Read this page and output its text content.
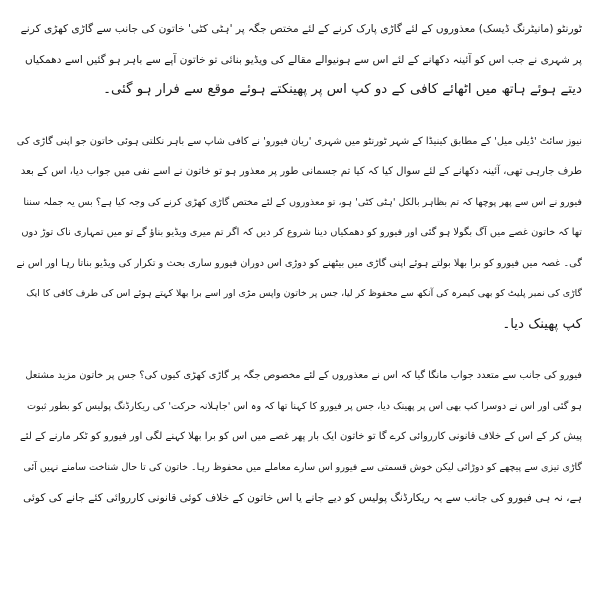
ٹورنٹو (مانیٹرنگ ڈیسک) معذوروں کے لئے گاڑی پارک کرنے کے لئے مختص جگہ پر 'ہٹی کٹی' خاتون کی جانب سے گاڑی کھڑی کرنے
پر شہری نے جب اس کو آئینہ دکھانے کے لئے اس سے ہونیوالے مقالے کی ویڈیو بنائی تو خاتون آپے سے باہر ہو گئیں اسے دھمکیاں
دیتے ہوئے ہاتھ میں اٹھائے کافی کے دو کپ اس پر پھینکتے ہوئے موقع سے فرار ہو گئی۔
نیوز سائٹ 'ڈیلی میل' کے مطابق کینیڈا کے شہر ٹورنٹو میں شہری 'ریان فیورو' نے کافی شاپ سے باہر نکلتی ہوئی خاتون جو اپنی گاڑی کی
طرف جارہی تھی، آئینہ دکھانے کے لئے سوال کیا کہ کیا تم جسمانی طور پر معذور ہو تو خاتون نے اسے نفی میں جواب دیا، اس کے بعد
فیورو نے اس سے پھر پوچھا کہ تم بظاہر بالکل 'ہٹی کٹی' ہو، تو معذوروں کے لئے مختص گاڑی کھڑی کرنے کی وجہ کیا ہے؟ بس یہ جملہ سننا
تھا کہ خاتون غصے میں آگ بگولا ہو گئی اور فیورو کو دھمکیاں دینا شروع کر دیں کہ اگر تم میری ویڈیو بناؤ گے تو میں تمہاری ناک توڑ دوں
گی۔ غصہ میں فیورو کو برا بھلا بولتے ہوئے اپنی گاڑی میں بیٹھنے کو دوڑی اس دوران فیورو ساری بحث و تکرار کی ویڈیو بناتا رہا اور اس نے
گاڑی کی نمبر پلیٹ کو بھی کیمرہ کی آنکھ سے محفوظ کر لیا، جس پر خاتون واپس مڑی اور اسے برا بھلا کہتے ہوئے اس کی طرف کافی کا ایک
کپ پھینک دیا۔
فیورو کی جانب سے متعدد جواب مانگا گیا کہ اس نے معذوروں کے لئے مخصوص جگہ پر گاڑی کھڑی کیوں کی؟ جس پر خاتون مزید مشتعل
ہو گئی اور اس نے دوسرا کپ بھی اس پر پھینک دیا، جس پر فیورو کا کہنا تھا کہ وہ اس 'جاہلانہ حرکت' کی ریکارڈنگ پولیس کو بطور ثبوت
پیش کر کے اس کے خلاف قانونی کارروائی کرے گا تو خاتون ایک بار پھر غصے میں اس کو برا بھلا کہنے لگی اور فیورو کو ٹکر مارنے کے لئے
گاڑی تیزی سے پیچھے کو دوڑائی لیکن خوش قسمتی سے فیورو اس سارے معاملے میں محفوظ رہا۔ خاتون کی تا حال شناخت سامنے نہیں آئی
ہے، نہ ہی فیورو کی جانب سے یہ ریکارڈنگ پولیس کو دیے جانے یا اس خاتون کے خلاف کوئی قانونی کارروائی کئے جانے کی کوئی
